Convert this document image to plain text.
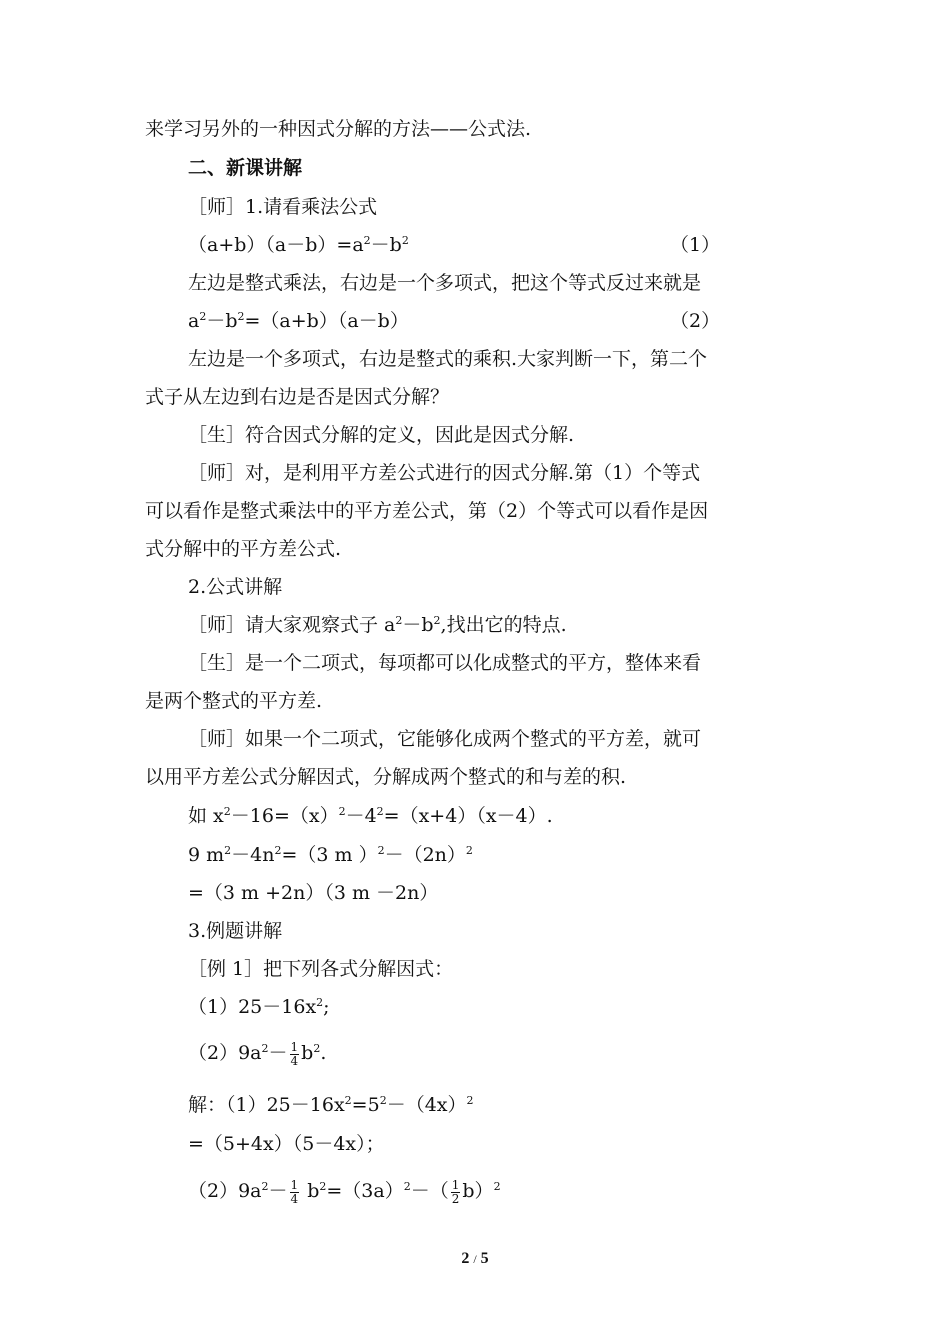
来学习另外的一种因式分解的方法——公式法.
二、新课讲解
［师］1.请看乘法公式
$(a+b)(a-b)=a^2-b^2$	（1）
左边是整式乘法，右边是一个多项式，把这个等式反过来就是
$a^2-b^2=(a+b)(a-b)$	（2）
左边是一个多项式，右边是整式的乘积.大家判断一下，第二个
式子从左边到右边是否是因式分解？
［生］符合因式分解的定义，因此是因式分解.
［师］对，是利用平方差公式进行的因式分解.第（1）个等式
可以看作是整式乘法中的平方差公式，第（2）个等式可以看作是因
式分解中的平方差公式.
2.公式讲解
［师］请大家观察式子 $a^2-b^2$,找出它的特点.
［生］是一个二项式，每项都可以化成整式的平方，整体来看
是两个整式的平方差.
［师］如果一个二项式，它能够化成两个整式的平方差，就可
以用平方差公式分解因式，分解成两个整式的和与差的积.
如 $x^2-16=(x)^2-4^2=(x+4)(x-4)$.
9 $m^2-4n^2=(3$ m ）$^2-(2n)^2$
=（3 m +2n）（3 m －2n）
3.例题讲解
［例 1］把下列各式分解因式：
$(1)25-16x^2$;
$(2)9a^2- \frac{1}{4} b^2$.
解：$(1)25-16x^2=5^2-(4x)^2$
=（5+4x）（5－4x）；
$(2)9a^2- \frac{1}{4} b^2=(3a)^2-( \frac{1}{2} b)^2$
2 / 5
